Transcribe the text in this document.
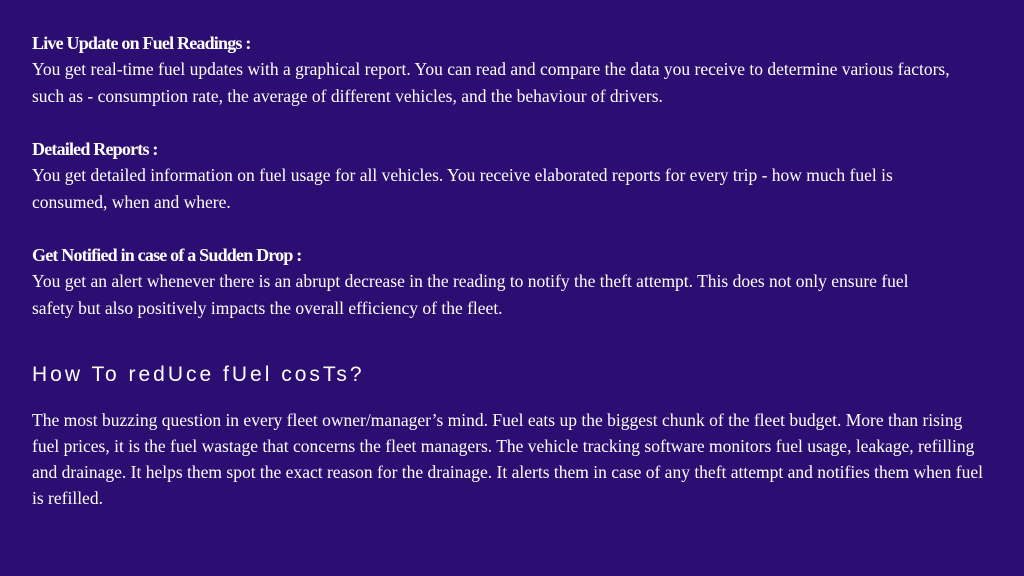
Live Update on Fuel Readings :

You get real-time fuel updates with a graphical report. You can read and compare the data you receive to determine various factors, such as - consumption rate, the average of different vehicles, and the behaviour of drivers.

Detailed Reports :

You get detailed information on fuel usage for all vehicles. You receive elaborated reports for every trip - how much fuel is consumed, when and where.

Get Notified in case of a Sudden Drop :

You get an alert whenever there is an abrupt decrease in the reading to notify the theft attempt. This does not only ensure fuel safety but also positively impacts the overall efficiency of the fleet.

How To redUce fUel cosTs?

The most buzzing question in every fleet owner/manager’s mind. Fuel eats up the biggest chunk of the fleet budget. More than rising fuel prices, it is the fuel wastage that concerns the fleet managers. The vehicle tracking software monitors fuel usage, leakage, refilling and drainage. It helps them spot the exact reason for the drainage. It alerts them in case of any theft attempt and notifies them when fuel is refilled.
